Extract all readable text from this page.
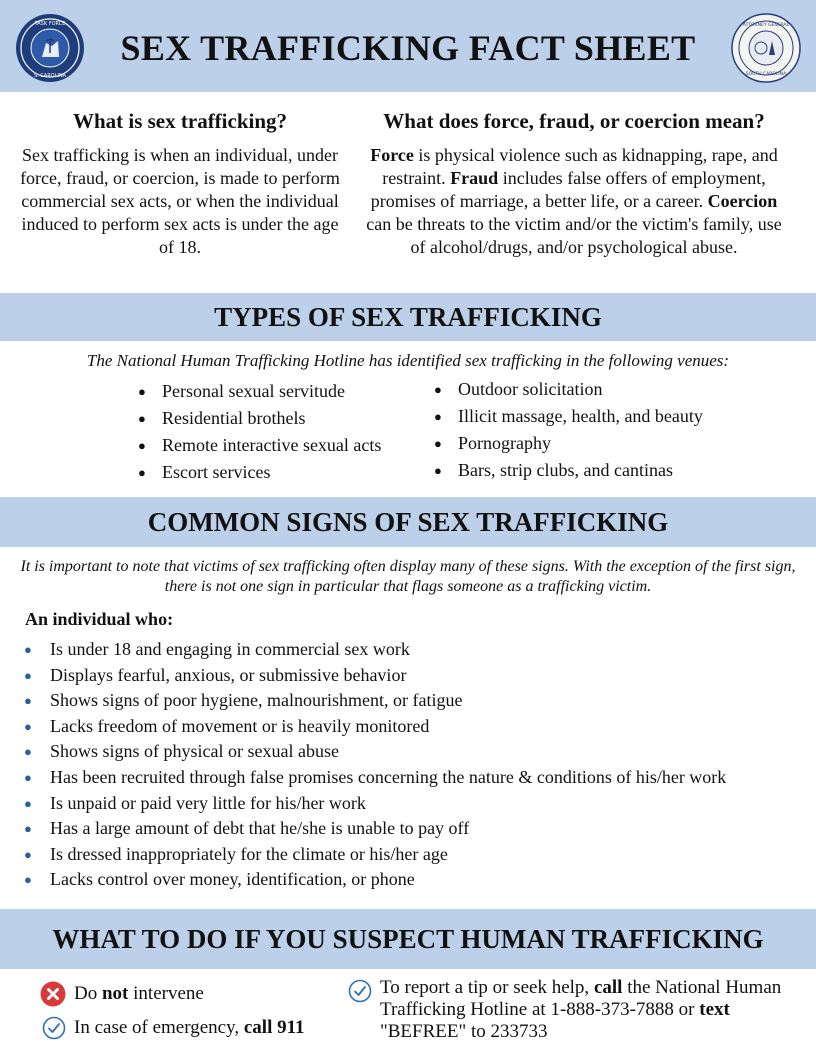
TASK FORCE
S. CAROLINA
SEX TRAFFICKING FACT SHEET
ATTORNEY GENERAL
SOUTH CAROLINA
What is sex trafficking?

Sex trafficking is when an individual, under force, fraud, or coercion, is made to perform commercial sex acts, or when the individual induced to perform sex acts is under the age of 18.

What does force, fraud, or coercion mean?

Force is physical violence such as kidnapping, rape, and restraint. Fraud includes false offers of employment, promises of marriage, a better life, or a career. Coercion can be threats to the victim and/or the victim's family, use of alcohol/drugs, and/or psychological abuse.

TYPES OF SEX TRAFFICKING

The National Human Trafficking Hotline has identified sex trafficking in the following venues:

● Personal sexual servitude
● Residential brothels
● Remote interactive sexual acts
● Escort services
● Outdoor solicitation
● Illicit massage, health, and beauty
● Pornography
● Bars, strip clubs, and cantinas
COMMON SIGNS OF SEX TRAFFICKING

It is important to note that victims of sex trafficking often display many of these signs. With the exception of the first sign, there is not one sign in particular that flags someone as a trafficking victim.

An individual who:

● Is under 18 and engaging in commercial sex work
● Displays fearful, anxious, or submissive behavior
● Shows signs of poor hygiene, malnourishment, or fatigue
● Lacks freedom of movement or is heavily monitored
● Shows signs of physical or sexual abuse
● Has been recruited through false promises concerning the nature & conditions of his/her work
● Is unpaid or paid very little for his/her work
● Has a large amount of debt that he/she is unable to pay off
● Is dressed inappropriately for the climate or his/her age
● Lacks control over money, identification, or phone
WHAT TO DO IF YOU SUSPECT HUMAN TRAFFICKING
Do not intervene
In case of emergency, call 911
To report a tip or seek help, call the National Human Trafficking Hotline at 1-888-373-7888 or text "BEFREE" to 233733
